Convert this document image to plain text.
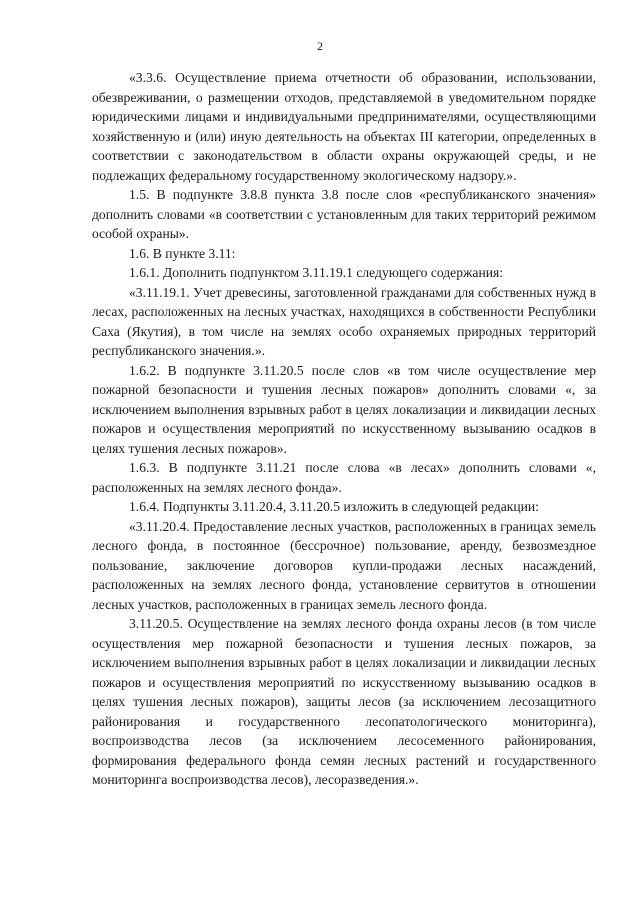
2

«3.3.6. Осуществление приема отчетности об образовании, использовании, обезвреживании, о размещении отходов, представляемой в уведомительном порядке юридическими лицами и индивидуальными предпринимателями, осуществляющими хозяйственную и (или) иную деятельность на объектах III категории, определенных в соответствии с законодательством в области охраны окружающей среды, и не подлежащих федеральному государственному экологическому надзору.».

1.5. В подпункте 3.8.8 пункта 3.8 после слов «республиканского значения» дополнить словами «в соответствии с установленным для таких территорий режимом особой охраны».

1.6. В пункте 3.11:

1.6.1. Дополнить подпунктом 3.11.19.1 следующего содержания:

«3.11.19.1. Учет древесины, заготовленной гражданами для собственных нужд в лесах, расположенных на лесных участках, находящихся в собственности Республики Саха (Якутия), в том числе на землях особо охраняемых природных территорий республиканского значения.».

1.6.2. В подпункте 3.11.20.5 после слов «в том числе осуществление мер пожарной безопасности и тушения лесных пожаров» дополнить словами «, за исключением выполнения взрывных работ в целях локализации и ликвидации лесных пожаров и осуществления мероприятий по искусственному вызыванию осадков в целях тушения лесных пожаров».

1.6.3. В подпункте 3.11.21 после слова «в лесах» дополнить словами «, расположенных на землях лесного фонда».

1.6.4. Подпункты 3.11.20.4, 3.11.20.5 изложить в следующей редакции:

«3.11.20.4. Предоставление лесных участков, расположенных в границах земель лесного фонда, в постоянное (бессрочное) пользование, аренду, безвозмездное пользование, заключение договоров купли-продажи лесных насаждений, расположенных на землях лесного фонда, установление сервитутов в отношении лесных участков, расположенных в границах земель лесного фонда.

3.11.20.5. Осуществление на землях лесного фонда охраны лесов (в том числе осуществления мер пожарной безопасности и тушения лесных пожаров, за исключением выполнения взрывных работ в целях локализации и ликвидации лесных пожаров и осуществления мероприятий по искусственному вызыванию осадков в целях тушения лесных пожаров), защиты лесов (за исключением лесозащитного районирования и государственного лесопатологического мониторинга), воспроизводства лесов (за исключением лесосеменного районирования, формирования федерального фонда семян лесных растений и государственного мониторинга воспроизводства лесов), лесоразведения.».
